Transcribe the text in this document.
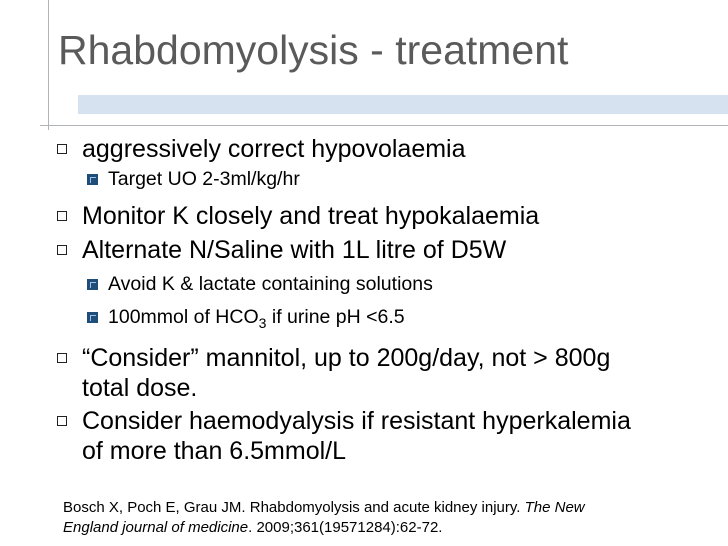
Rhabdomyolysis - treatment
aggressively correct hypovolaemia
Target UO 2-3ml/kg/hr
Monitor K closely and treat hypokalaemia
Alternate N/Saline with 1L litre of D5W
Avoid K & lactate containing solutions
100mmol of $HCO_3$ if urine pH <6.5
“Consider” mannitol, up to 200g/day, not > 800g
total dose.
Consider haemodyalysis if resistant hyperkalemia
of more than 6.5mmol/L
Bosch X, Poch E, Grau JM. Rhabdomyolysis and acute kidney injury. The New
England journal of medicine. 2009;361(19571284):62-72.
